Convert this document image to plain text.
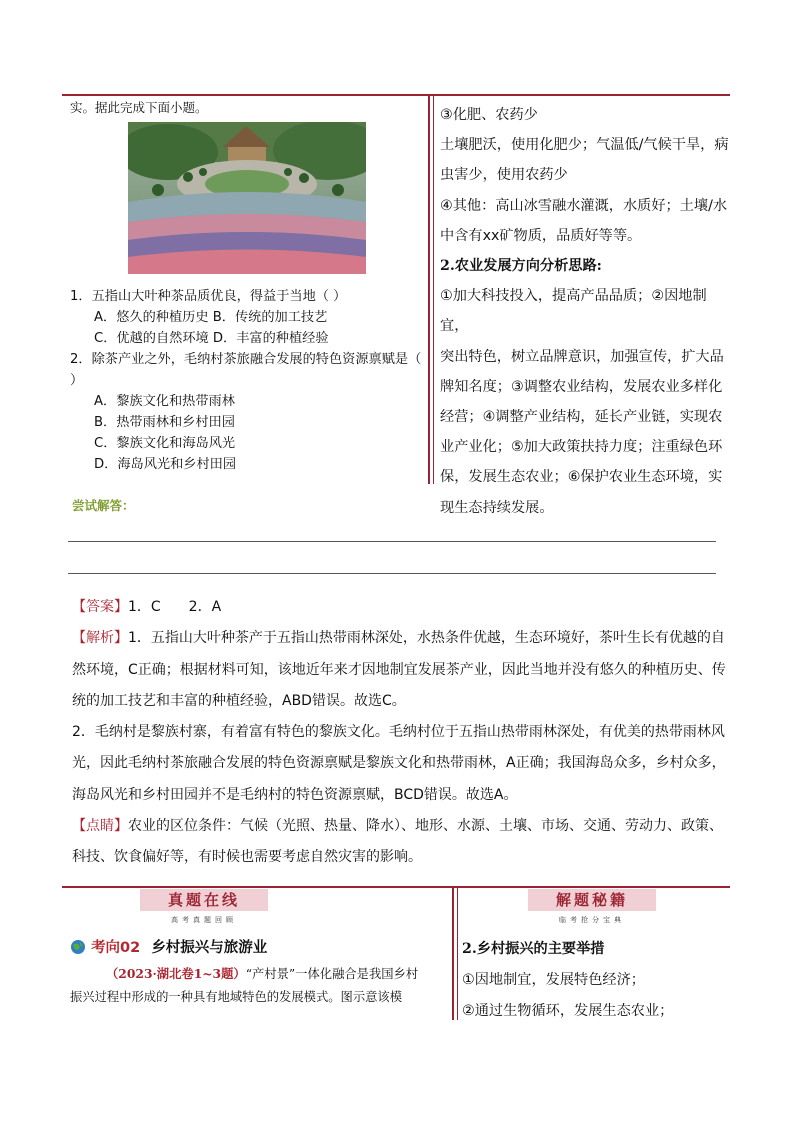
实。据此完成下面小题。

1．五指山大叶种茶品质优良，得益于当地（ ）

A．悠久的种植历史 B．传统的加工技艺

C．优越的自然环境 D．丰富的种植经验

2．除茶产业之外，毛纳村茶旅融合发展的特色资源禀赋是（ ）

A．黎族文化和热带雨林

B．热带雨林和乡村田园

C．黎族文化和海岛风光

D．海岛风光和乡村田园

③化肥、农药少

土壤肥沃，使用化肥少；气温低/气候干旱，病

虫害少，使用农药少

④其他：高山冰雪融水灌溉，水质好；土壤/水

中含有xx矿物质，品质好等等。

2.农业发展方向分析思路:

①加大科技投入，提高产品品质；②因地制宜，

突出特色，树立品牌意识，加强宣传，扩大品

牌知名度；③调整农业结构，发展农业多样化

经营；④调整产业结构，延长产业链，实现农

业产业化；⑤加大政策扶持力度；注重绿色环

保，发展生态农业；⑥保护农业生态环境，实

现生态持续发展。

尝试解答：

【答案】1．C　　2．A

【解析】1．五指山大叶种茶产于五指山热带雨林深处，水热条件优越，生态环境好，茶叶生长有优越的自

然环境，C正确；根据材料可知，该地近年来才因地制宜发展茶产业，因此当地并没有悠久的种植历史、传

统的加工技艺和丰富的种植经验，ABD错误。故选C。

2．毛纳村是黎族村寨，有着富有特色的黎族文化。毛纳村位于五指山热带雨林深处，有优美的热带雨林风

光，因此毛纳村茶旅融合发展的特色资源禀赋是黎族文化和热带雨林，A正确；我国海岛众多，乡村众多，

海岛风光和乡村田园并不是毛纳村的特色资源禀赋，BCD错误。故选A。

【点睛】农业的区位条件：气候（光照、热量、降水）、地形、水源、土壤、市场、交通、劳动力、政策、

科技、饮食偏好等，有时候也需要考虑自然灾害的影响。

真题在线
高考真题回顾
解题秘籍
临考抢分宝典
考向02 乡村振兴与旅游业

（2023·湖北卷1~3题）“产村景”一体化融合是我国乡村

振兴过程中形成的一种具有地域特色的发展模式。图示意该模

2.乡村振兴的主要举措

①因地制宜，发展特色经济；

②通过生物循环，发展生态农业；
